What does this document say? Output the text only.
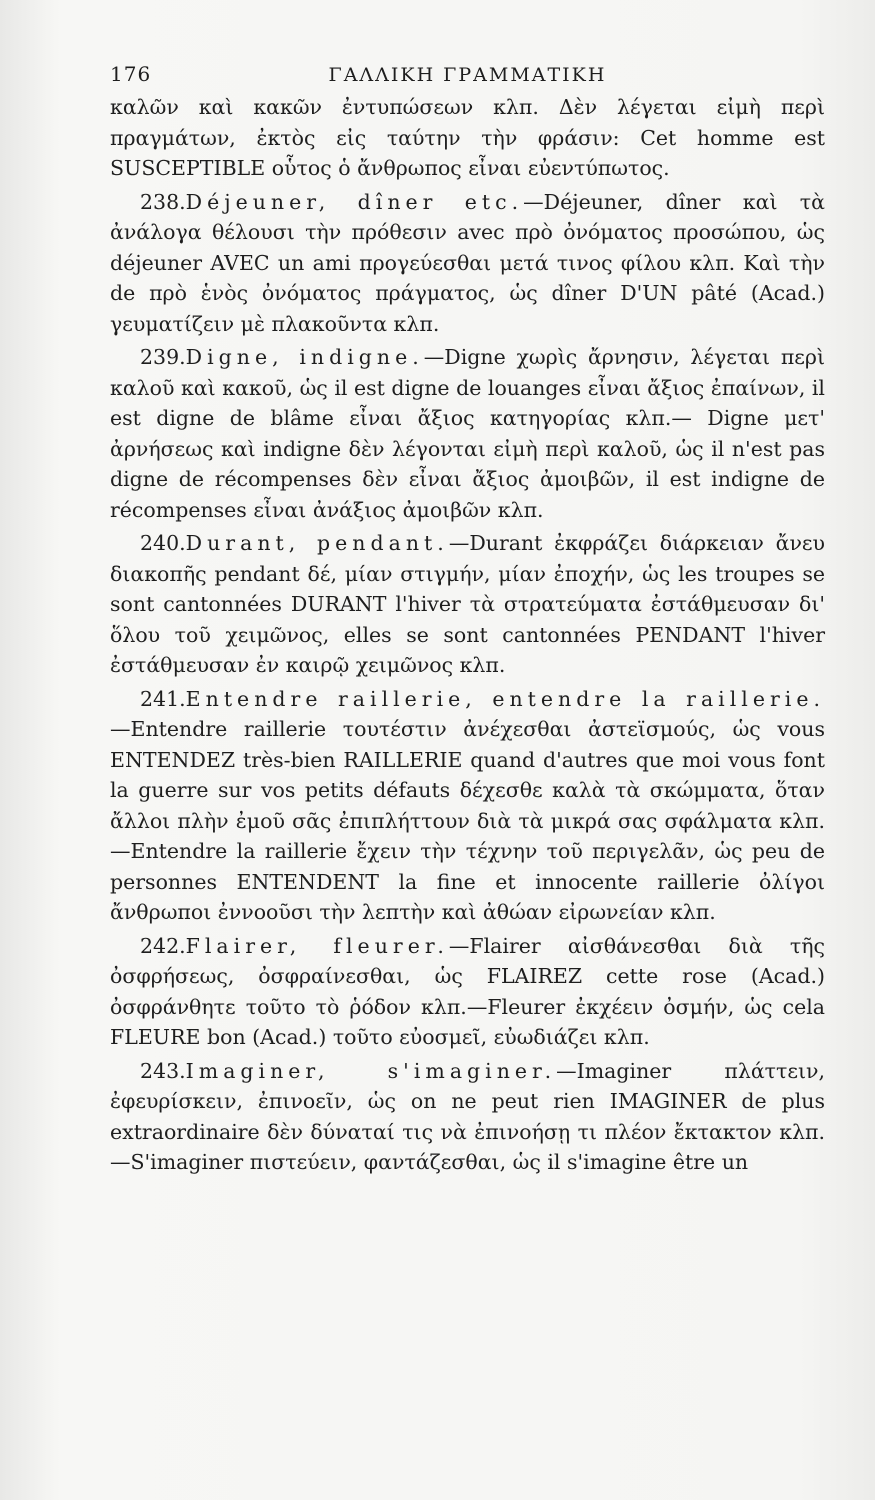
176	ΓΑΛΛΙΚΗ ΓΡΑΜΜΑΤΙΚΗ

καλῶν καὶ κακῶν ἐντυπώσεων κλπ. Δὲν λέγεται εἰμὴ περὶ πραγμάτων, ἐκτὸς εἰς ταύτην τὴν φράσιν: Cet homme est SUSCEPTIBLE οὗτος ὁ ἄνθρωπος εἶναι εὐεντύπωτος.

238.Déjeuner, dîner etc.—Déjeuner, dîner καὶ τὰ ἀνάλογα θέλουσι τὴν πρόθεσιν avec πρὸ ὀνόματος προσώπου, ὡς déjeuner AVEC un ami προγεύεσθαι μετά τινος φίλου κλπ. Καὶ τὴν de πρὸ ἑνὸς ὀνόματος πράγματος, ὡς dîner D'UN pâté (Acad.) γευματίζειν μὲ πλακοῦντα κλπ.

239.Digne, indigne.—Digne χωρὶς ἄρνησιν, λέγεται περὶ καλοῦ καὶ κακοῦ, ὡς il est digne de louanges εἶναι ἄξιος ἐπαίνων, il est digne de blâme εἶναι ἄξιος κατηγορίας κλπ.— Digne μετ' ἀρνήσεως καὶ indigne δὲν λέγονται εἰμὴ περὶ καλοῦ, ὡς il n'est pas digne de récompenses δὲν εἶναι ἄξιος ἀμοιβῶν, il est indigne de récompenses εἶναι ἀνάξιος ἀμοιβῶν κλπ.

240.Durant, pendant.—Durant ἐκφράζει διάρκειαν ἄνευ διακοπῆς pendant δέ, μίαν στιγμήν, μίαν ἐποχήν, ὡς les troupes se sont cantonnées DURANT l'hiver τὰ στρατεύματα ἐστάθμευσαν δι' ὅλου τοῦ χειμῶνος, elles se sont cantonnées PENDANT l'hiver ἐστάθμευσαν ἐν καιρῷ χειμῶνος κλπ.

241.Entendre raillerie, entendre la raillerie.—Entendre raillerie τουτέστιν ἀνέχεσθαι ἀστεϊσμούς, ὡς vous ENTENDEZ très-bien RAILLERIE quand d'autres que moi vous font la guerre sur vos petits défauts δέχεσθε καλὰ τὰ σκώμματα, ὅταν ἄλλοι πλὴν ἐμοῦ σᾶς ἐπιπλήττουν διὰ τὰ μικρά σας σφάλματα κλπ.—Entendre la raillerie ἔχειν τὴν τέχνην τοῦ περιγελᾶν, ὡς peu de personnes ENTENDENT la fine et innocente raillerie ὀλίγοι ἄνθρωποι ἐννοοῦσι τὴν λεπτὴν καὶ ἀθώαν εἰρωνείαν κλπ.

242.Flairer, fleurer.—Flairer αἰσθάνεσθαι διὰ τῆς ὀσφρήσεως, ὀσφραίνεσθαι, ὡς FLAIREZ cette rose (Acad.) ὀσφράνθητε τοῦτο τὸ ῥόδον κλπ.—Fleurer ἐκχέειν ὀσμήν, ὡς cela FLEURE bon (Acad.) τοῦτο εὐοσμεῖ, εὐωδιάζει κλπ.

243.Imaginer, s'imaginer.—Imaginer πλάττειν, ἐφευρίσκειν, ἐπινοεῖν, ὡς on ne peut rien IMAGINER de plus extraordinaire δὲν δύναταί τις νὰ ἐπινοήσῃ τι πλέον ἔκτακτον κλπ. —S'imaginer πιστεύειν, φαντάζεσθαι, ὡς il s'imagine être un
